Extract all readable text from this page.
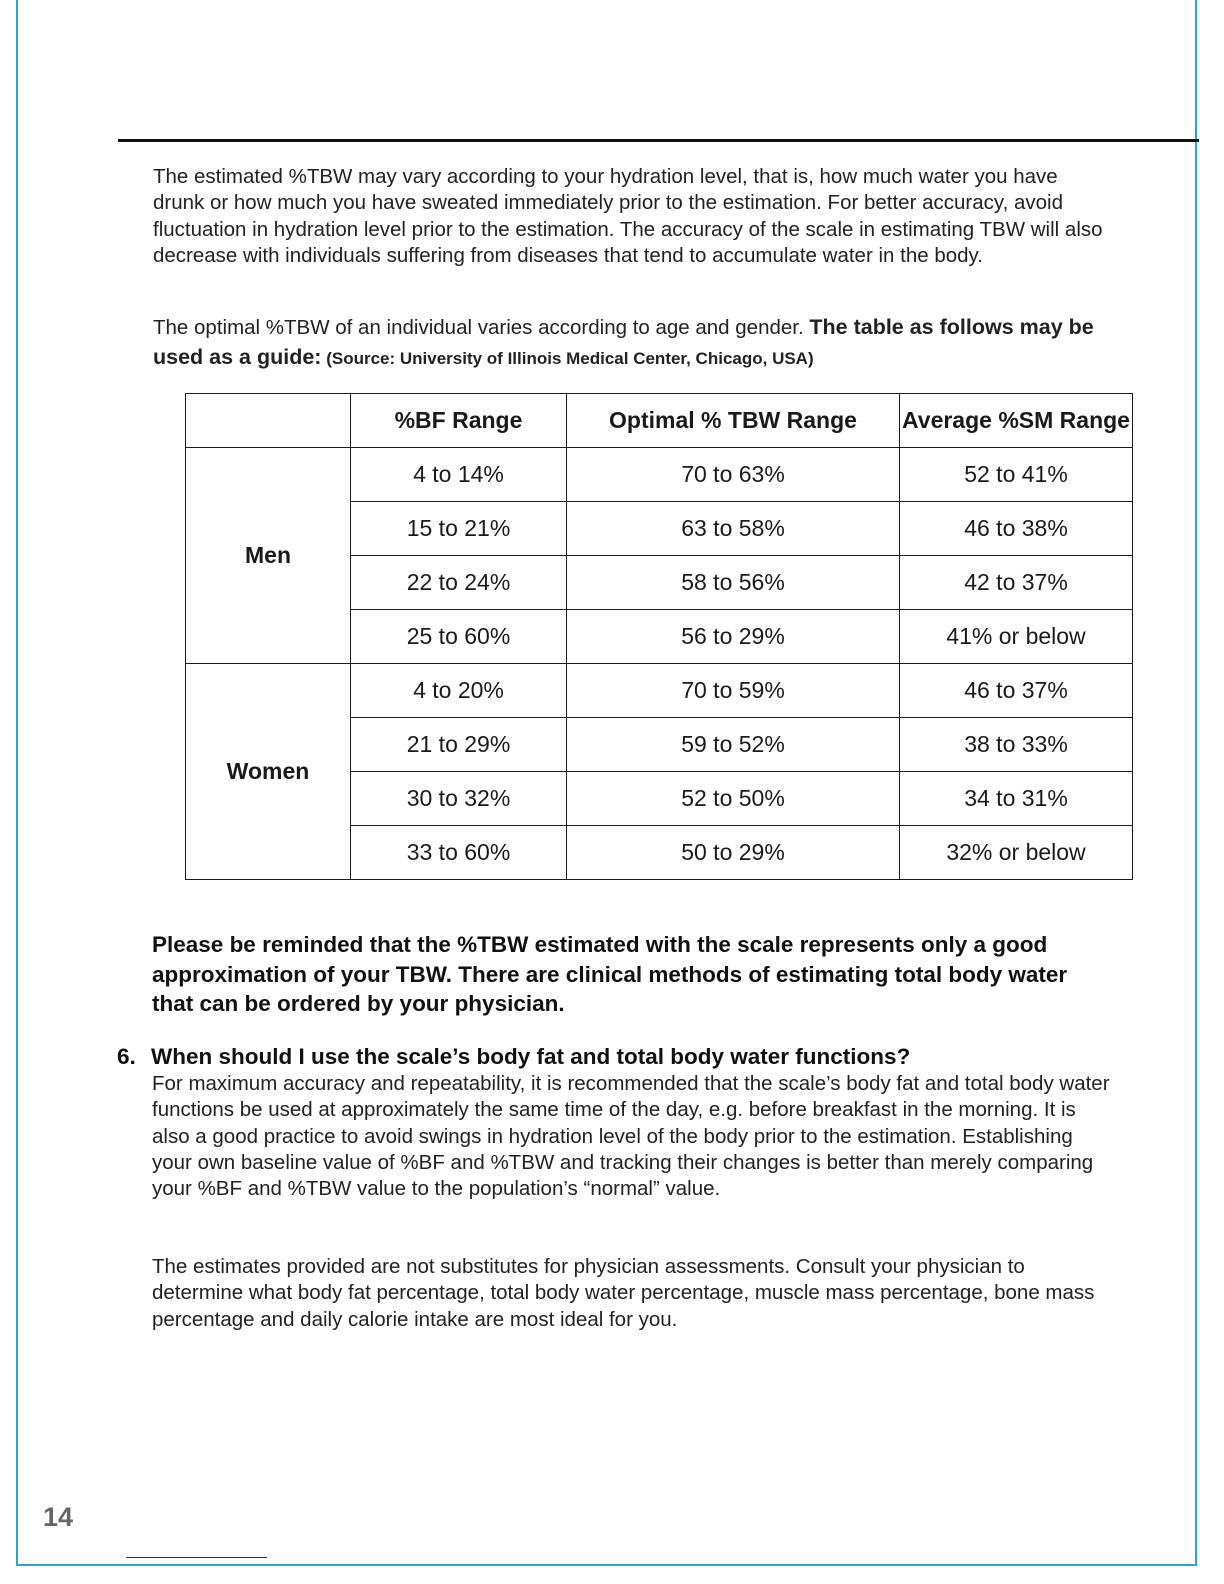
The estimated %TBW may vary according to your hydration level, that is, how much water you have drunk or how much you have sweated immediately prior to the estimation. For better accuracy, avoid fluctuation in hydration level prior to the estimation. The accuracy of the scale in estimating TBW will also decrease with individuals suffering from diseases that tend to accumulate water in the body.
The optimal %TBW of an individual varies according to age and gender. The table as follows may be used as a guide: (Source: University of Illinois Medical Center, Chicago, USA)
	%BF Range	Optimal % TBW Range	Average %SM Range
Men	4 to 14%	70 to 63%	52 to 41%
	15 to 21%	63 to 58%	46 to 38%
	22 to 24%	58 to 56%	42 to 37%
	25 to 60%	56 to 29%	41% or below
Women	4 to 20%	70 to 59%	46 to 37%
	21 to 29%	59 to 52%	38 to 33%
	30 to 32%	52 to 50%	34 to 31%
	33 to 60%	50 to 29%	32% or below
Please be reminded that the %TBW estimated with the scale represents only a good approximation of your TBW. There are clinical methods of estimating total body water that can be ordered by your physician.
6. When should I use the scale’s body fat and total body water functions?
For maximum accuracy and repeatability, it is recommended that the scale’s body fat and total body water functions be used at approximately the same time of the day, e.g. before breakfast in the morning. It is also a good practice to avoid swings in hydration level of the body prior to the estimation. Establishing your own baseline value of %BF and %TBW and tracking their changes is better than merely comparing your %BF and %TBW value to the population’s “normal” value.
The estimates provided are not substitutes for physician assessments. Consult your physician to determine what body fat percentage, total body water percentage, muscle mass percentage, bone mass percentage and daily calorie intake are most ideal for you.
14
